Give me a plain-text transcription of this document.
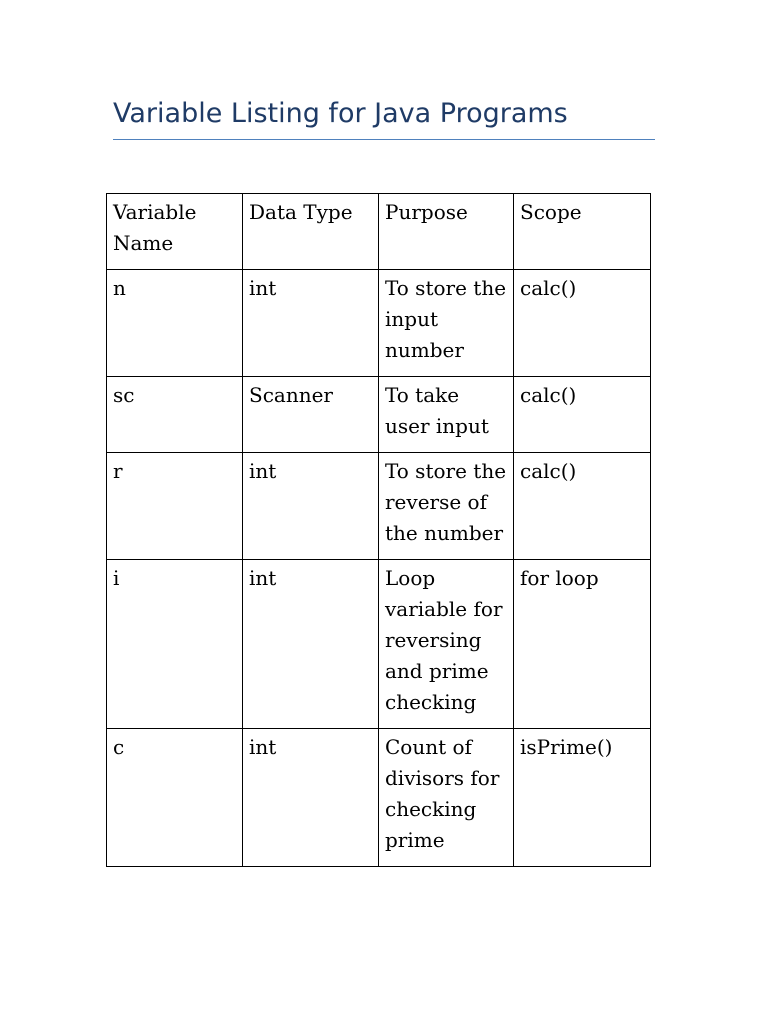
Variable Listing for Java Programs
Variable
Name	Data Type	Purpose	Scope

n	int	To store the input number	calc()

sc	Scanner	To take user input	calc()

r	int	To store the reverse of the number	calc()

i	int	Loop variable for reversing and prime checking	for loop

c	int	Count of divisors for checking prime	isPrime()
